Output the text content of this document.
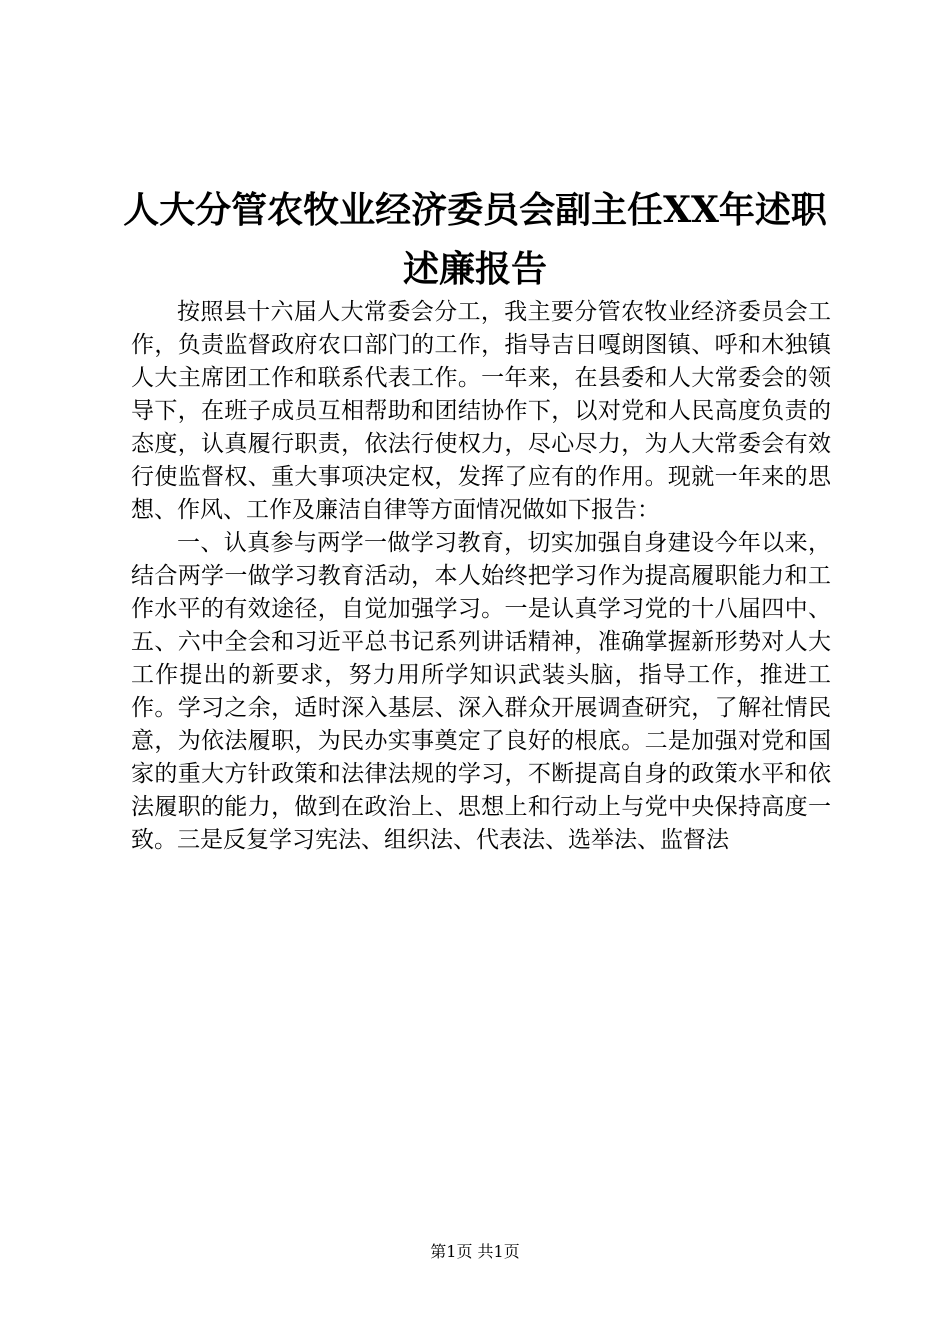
人大分管农牧业经济委员会副主任XX年述职
述廉报告

按照县十六届人大常委会分工，我主要分管农牧业经济委员会工作，负责监督政府农口部门的工作，指导吉日嘎朗图镇、呼和木独镇人大主席团工作和联系代表工作。一年来，在县委和人大常委会的领导下，在班子成员互相帮助和团结协作下，以对党和人民高度负责的态度，认真履行职责，依法行使权力，尽心尽力，为人大常委会有效行使监督权、重大事项决定权，发挥了应有的作用。现就一年来的思想、作风、工作及廉洁自律等方面情况做如下报告：

一、认真参与两学一做学习教育，切实加强自身建设今年以来，结合两学一做学习教育活动，本人始终把学习作为提高履职能力和工作水平的有效途径，自觉加强学习。一是认真学习党的十八届四中、五、六中全会和习近平总书记系列讲话精神，准确掌握新形势对人大工作提出的新要求，努力用所学知识武装头脑，指导工作，推进工作。学习之余，适时深入基层、深入群众开展调查研究，了解社情民意，为依法履职，为民办实事奠定了良好的根底。二是加强对党和国家的重大方针政策和法律法规的学习，不断提高自身的政策水平和依法履职的能力，做到在政治上、思想上和行动上与党中央保持高度一致。三是反复学习宪法、组织法、代表法、选举法、监督法

第1页 共1页
